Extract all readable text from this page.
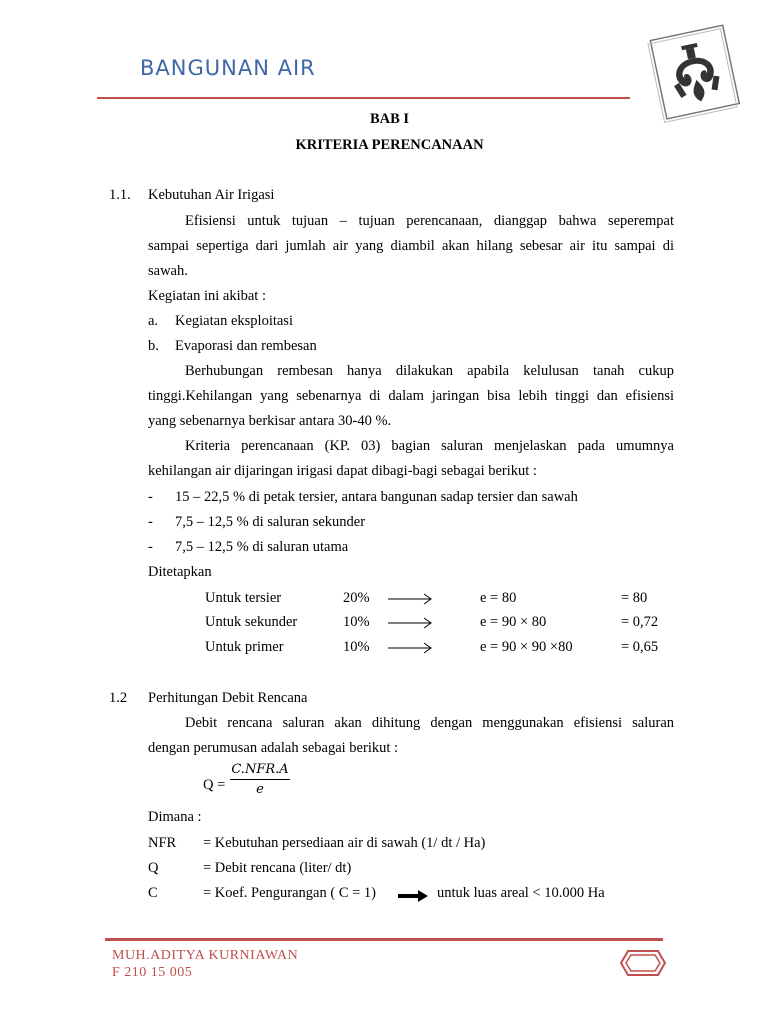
BANGUNAN AIR
BAB I
KRITERIA PERENCANAAN
1.1. Kebutuhan Air Irigasi
Efisiensi untuk tujuan – tujuan perencanaan, dianggap bahwa seperempat
sampai sepertiga dari jumlah air yang diambil akan hilang sebesar air itu sampai di
sawah.
Kegiatan ini akibat :
a. Kegiatan eksploitasi
b. Evaporasi dan rembesan
Berhubungan rembesan hanya dilakukan apabila kelulusan tanah cukup
tinggi.Kehilangan yang sebenarnya di dalam jaringan bisa lebih tinggi dan efisiensi
yang sebenarnya berkisar antara 30-40 %.
Kriteria perencanaan (KP. 03) bagian saluran menjelaskan pada umumnya
kehilangan air dijaringan irigasi dapat dibagi-bagi sebagai berikut :
- 15 – 22,5 % di petak tersier, antara bangunan sadap tersier dan sawah
- 7,5 – 12,5 % di saluran sekunder
- 7,5 – 12,5 % di saluran utama
Ditetapkan
Untuk tersier	20%	e = 80	= 80
Untuk sekunder	10%	e = 90 × 80	= 0,72
Untuk primer	10%	e = 90 × 90 ×80	= 0,65
1.2 Perhitungan Debit Rencana
Debit rencana saluran akan dihitung dengan menggunakan efisiensi saluran
dengan perumusan adalah sebagai berikut :
Q =
C.NFR.A
e
Dimana :
NFR = Kebutuhan persediaan air di sawah (1/ dt / Ha)
Q	= Debit rencana (liter/ dt)
C	= Koef. Pengurangan ( C = 1)	untuk luas areal < 10.000 Ha
MUH.ADITYA KURNIAWAN
F 210 15 005
